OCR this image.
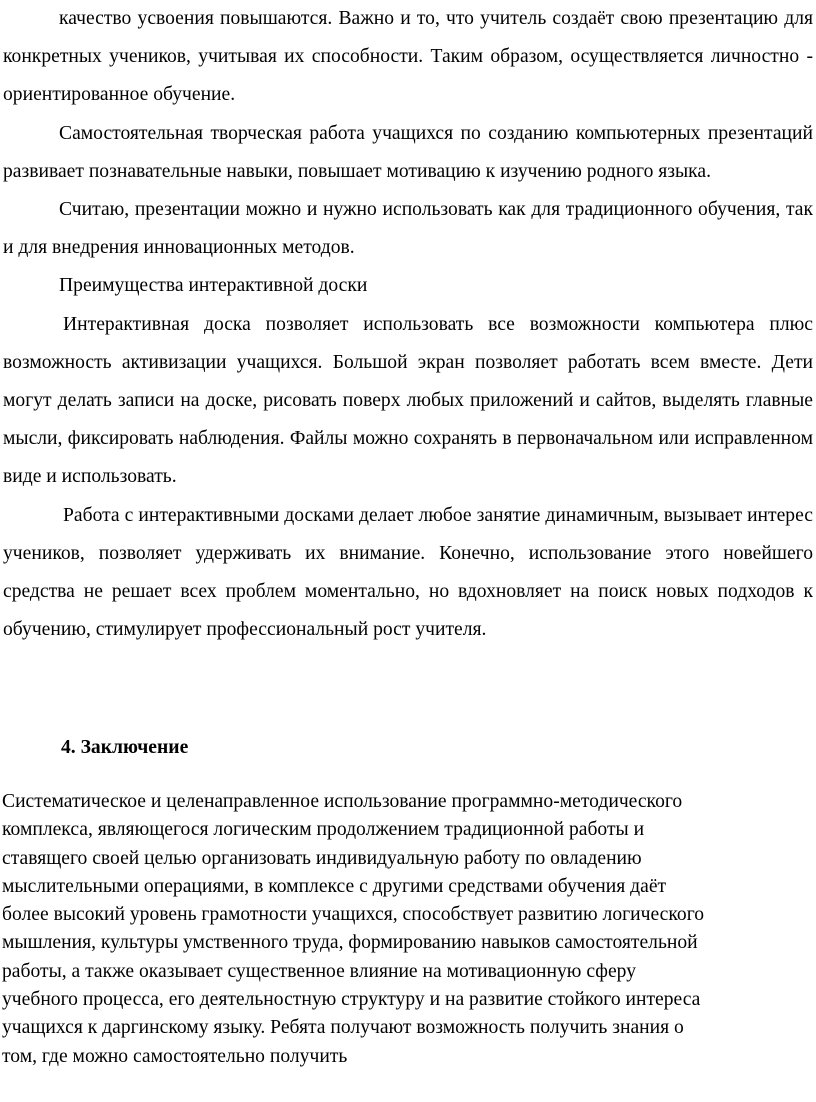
качество усвоения повышаются. Важно и то, что учитель создаёт свою презентацию для конкретных учеников, учитывая их способности. Таким образом, осуществляется личностно - ориентированное обучение.

Самостоятельная творческая работа учащихся по созданию компьютерных презентаций развивает познавательные навыки, повышает мотивацию к изучению родного языка.

Считаю, презентации можно и нужно использовать как для традиционного обучения, так и для внедрения инновационных методов.

Преимущества интерактивной доски

Интерактивная доска позволяет использовать все возможности компьютера плюс возможность активизации учащихся. Большой экран позволяет работать всем вместе. Дети могут делать записи на доске, рисовать поверх любых приложений и сайтов, выделять главные мысли, фиксировать наблюдения. Файлы можно сохранять в первоначальном или исправленном виде и использовать.

Работа с интерактивными досками делает любое занятие динамичным, вызывает интерес учеников, позволяет удерживать их внимание. Конечно, использование этого новейшего средства не решает всех проблем моментально, но вдохновляет на поиск новых подходов к обучению, стимулирует профессиональный рост учителя.

4. Заключение

Систематическое и целенаправленное использование программно-методического
комплекса, являющегося логическим продолжением традиционной работы и
ставящего своей целью организовать индивидуальную работу по овладению
мыслительными операциями, в комплексе с другими средствами обучения даёт
более высокий уровень грамотности учащихся, способствует развитию логического
мышления, культуры умственного труда, формированию навыков самостоятельной
работы, а также оказывает существенное влияние на мотивационную сферу
учебного процесса, его деятельностную структуру и на развитие стойкого интереса
учащихся к даргинскому языку. Ребята получают возможность получить знания о
том, где можно самостоятельно получить
